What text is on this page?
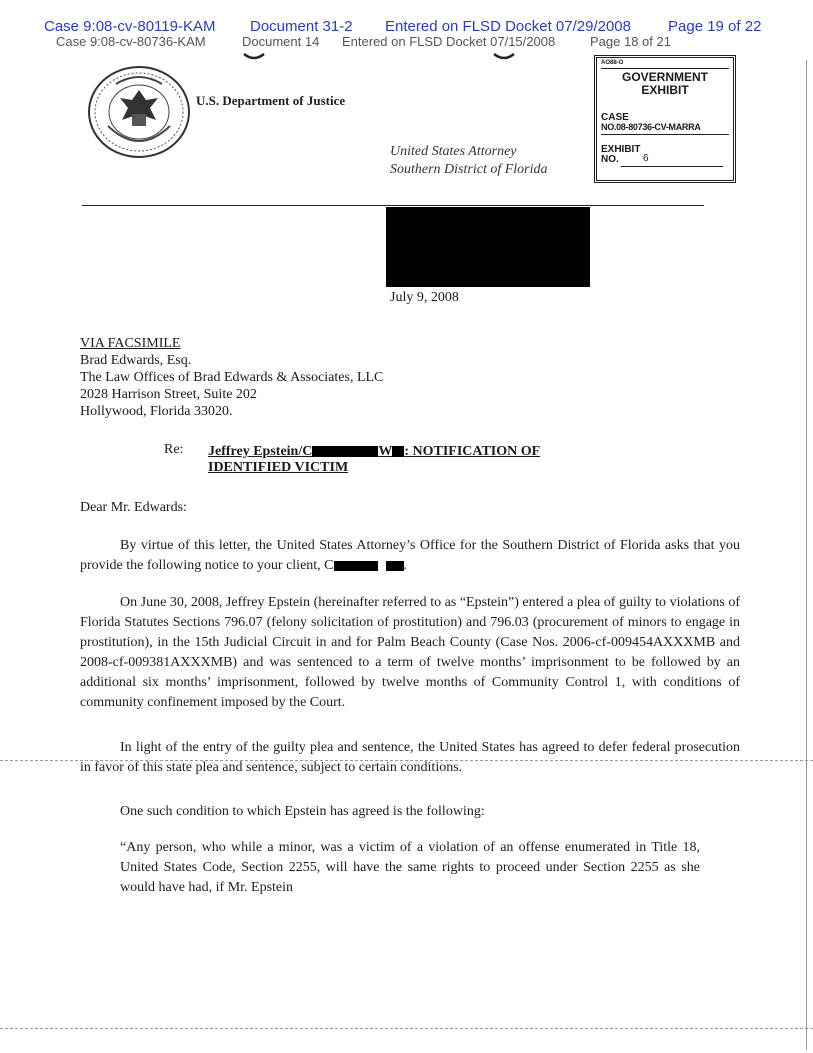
Case 9:08-cv-80119-KAM Document 31-2 Entered on FLSD Docket 07/29/2008 Page 19 of 22
Case 9:08-cv-80736-KAM	Document 14 Entered on FLSD Docket 07/15/2008	Page 18 of 21
U.S. Department of Justice
United States Attorney
Southern District of Florida
AO88-O
GOVERNMENT
EXHIBIT
CASE
NO.08-80736-CV-MARRA
EXHIBIT
NO. 6
July 9, 2008
VIA FACSIMILE
Brad Edwards, Esq.
The Law Offices of Brad Edwards & Associates, LLC
2028 Harrison Street, Suite 202
Hollywood, Florida 33020.
Re: Jeffrey Epstein/C	W : NOTIFICATION OF
IDENTIFIED VICTIM
Dear Mr. Edwards:

By virtue of this letter, the United States Attorney’s Office for the Southern District of Florida asks that you provide the following notice to your client, C	.

On June 30, 2008, Jeffrey Epstein (hereinafter referred to as “Epstein”) entered a plea of guilty to violations of Florida Statutes Sections 796.07 (felony solicitation of prostitution) and 796.03 (procurement of minors to engage in prostitution), in the 15th Judicial Circuit in and for Palm Beach County (Case Nos. 2006-cf-009454AXXXMB and 2008-cf-009381AXXXMB) and was sentenced to a term of twelve months’ imprisonment to be followed by an additional six months’ imprisonment, followed by twelve months of Community Control 1, with conditions of community confinement imposed by the Court.

In light of the entry of the guilty plea and sentence, the United States has agreed to defer federal prosecution in favor of this state plea and sentence, subject to certain conditions.

One such condition to which Epstein has agreed is the following:

“Any person, who while a minor, was a victim of a violation of an offense enumerated in Title 18, United States Code, Section 2255, will have the same rights to proceed under Section 2255 as she would have had, if Mr. Epstein
